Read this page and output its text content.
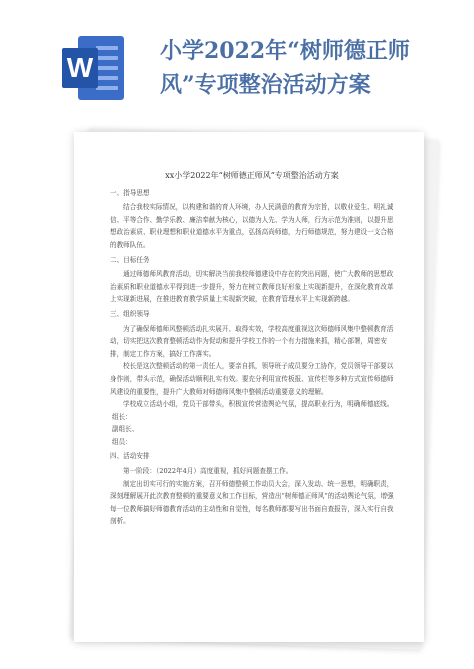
W
小学2022年“树师德正师风”专项整治活动方案
xx小学2022年“树师德正师风”专项整治活动方案

一、指导思想

结合我校实际情况，以构建和谐的育人环境，办人民满意的教育为宗旨，以敬业爱生、明礼诚信、平等合作、勤学乐教、廉洁奉献为核心，以德为人先、学为人师，行为示范为准则，以提升思想政治素质、职业理想和职业道德水平为重点，弘扬高尚师德，力行师德规范，努力建设一支合格的教师队伍。

二、目标任务

通过师德师风教育活动，切实解决当前我校师德建设中存在的突出问题，使广大教师的思想政治素质和职业道德水平得到进一步提升，努力在树立教师良好形象上实现新提升，在深化教育改革上实现新进展，在推进教育教学质量上实现新突破，在教育管理水平上实现新跨越。

三、组织领导

为了确保师德师风整顿活动扎实展开、取得实效，学校高度重视这次师德师风集中整顿教育活动，切实把这次教育整顿活动作为促动和提升学校工作的一个有力措施来抓，精心部署，周密安排，制定工作方案，搞好工作落实。

校长是这次整顿活动的第一责任人，要亲自抓，领导班子成员要分工协作，党员领导干部要以身作则，带头示范，确保活动顺利扎实有效。要充分利用宣传板报、宣传栏等多种方式宣传师德师风建设的重要性，提升广大教师对师德师风集中整顿活动重要意义的理解。

学校成立活动小组，党员干部带头，积极宣传营造舆论气氛，提高职业行为，明确师德底线。

组长：

副组长、

组员：

四、活动安排

第一阶段：（2022年4月）高度重视，抓好问题查摆工作。

制定出切实可行的实施方案，召开师德整顿工作动员大会，深入发动、统一思想，明确职责，深刻理解展开此次教育整顿的重要意义和工作目标，营造出“树师德正师风”的活动舆论气氛，增强每一位教师搞好师德教育活动的主动性和自觉性，每名教师都要写出书面自查报告，深入实行自我剖析。
